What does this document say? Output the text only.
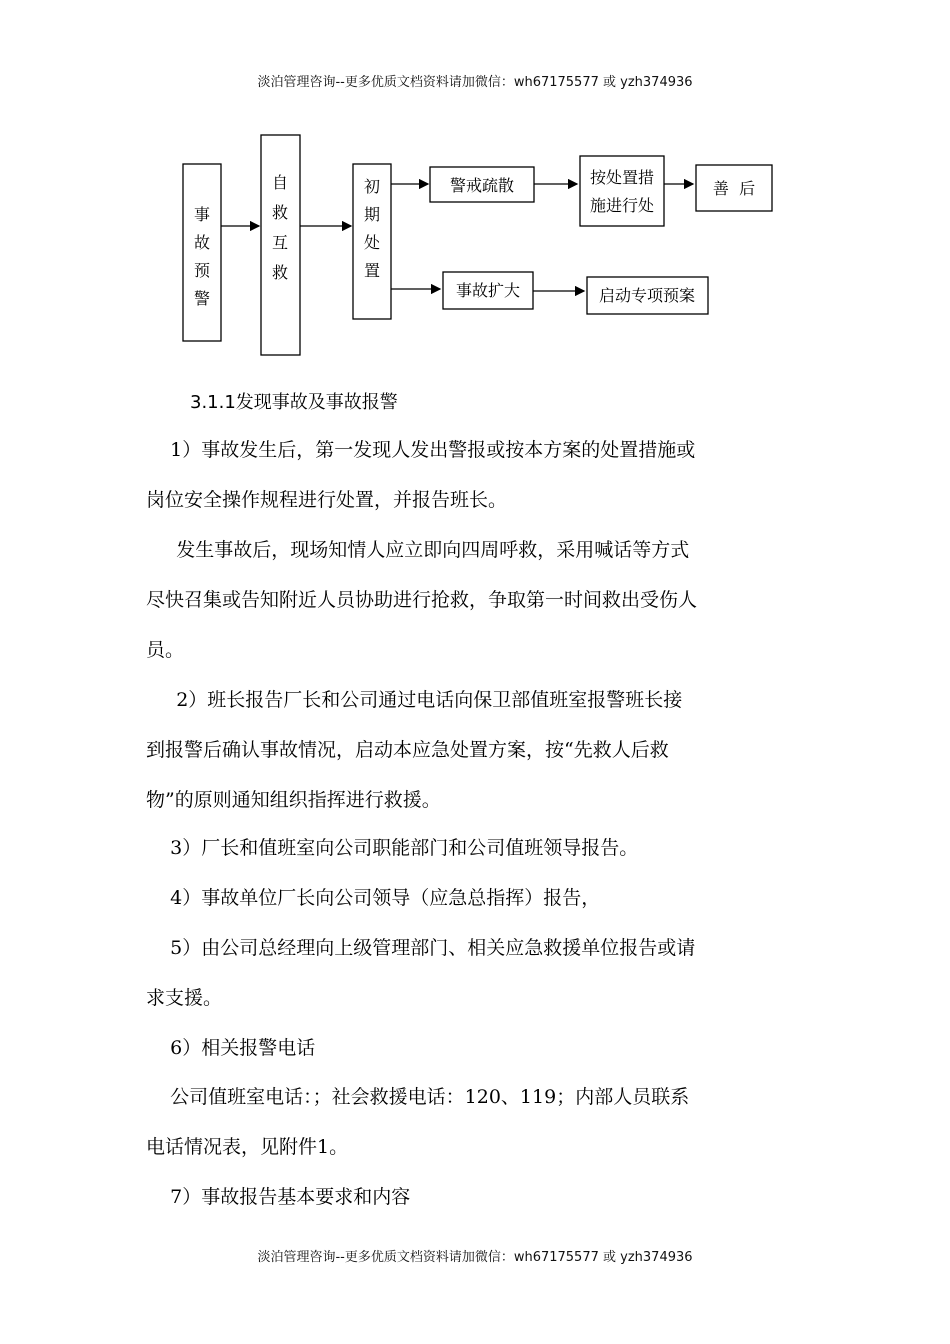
淡泊管理咨询--更多优质文档资料请加微信：wh67175577 或 yzh374936
事
故
预
警
自
救
互
救
初
期
处
置
警戒疏散	按处置措
施进行处
善  后
事故扩大	启动专项预案
3.1.1发现事故及事故报警

1）事故发生后，第一发现人发出警报或按本方案的处置措施或

岗位安全操作规程进行处置，并报告班长。

发生事故后，现场知情人应立即向四周呼救，采用喊话等方式

尽快召集或告知附近人员协助进行抢救，争取第一时间救出受伤人

员。

2）班长报告厂长和公司通过电话向保卫部值班室报警班长接

到报警后确认事故情况，启动本应急处置方案，按“先救人后救

物”的原则通知组织指挥进行救援。

3）厂长和值班室向公司职能部门和公司值班领导报告。

4）事故单位厂长向公司领导（应急总指挥）报告，

5）由公司总经理向上级管理部门、相关应急救援单位报告或请

求支援。

6）相关报警电话

公司值班室电话：；社会救援电话：120、119；内部人员联系

电话情况表，见附件1。

7）事故报告基本要求和内容

淡泊管理咨询--更多优质文档资料请加微信：wh67175577 或 yzh374936
